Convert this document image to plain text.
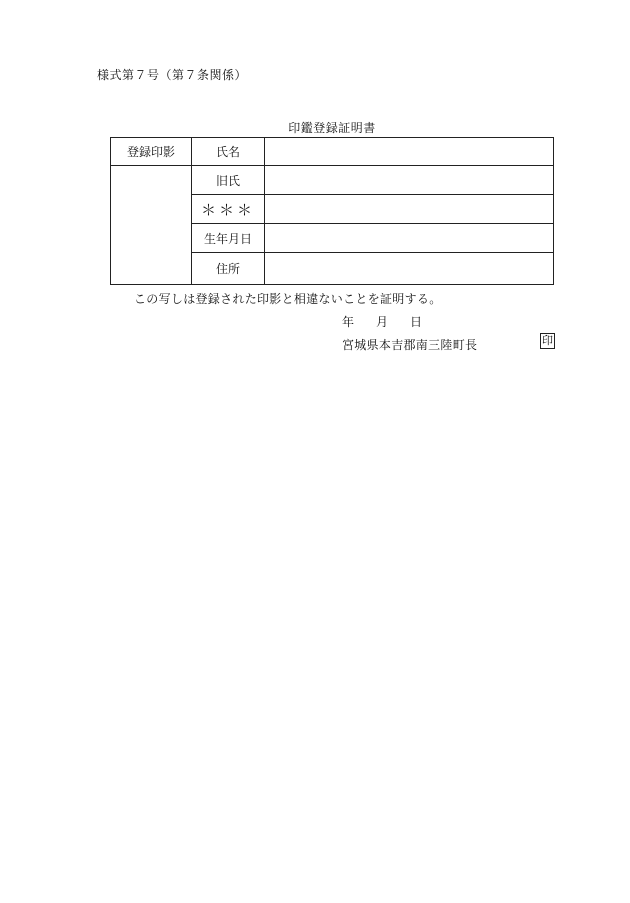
様式第７号（第７条関係）
印鑑登録証明書
登録印影	氏名	
	旧氏	
	＊＊＊	
	生年月日	
	住所	
この写しは登録された印影と相違ないことを証明する。
年 月 日
宮城県本吉郡南三陸町長	印
